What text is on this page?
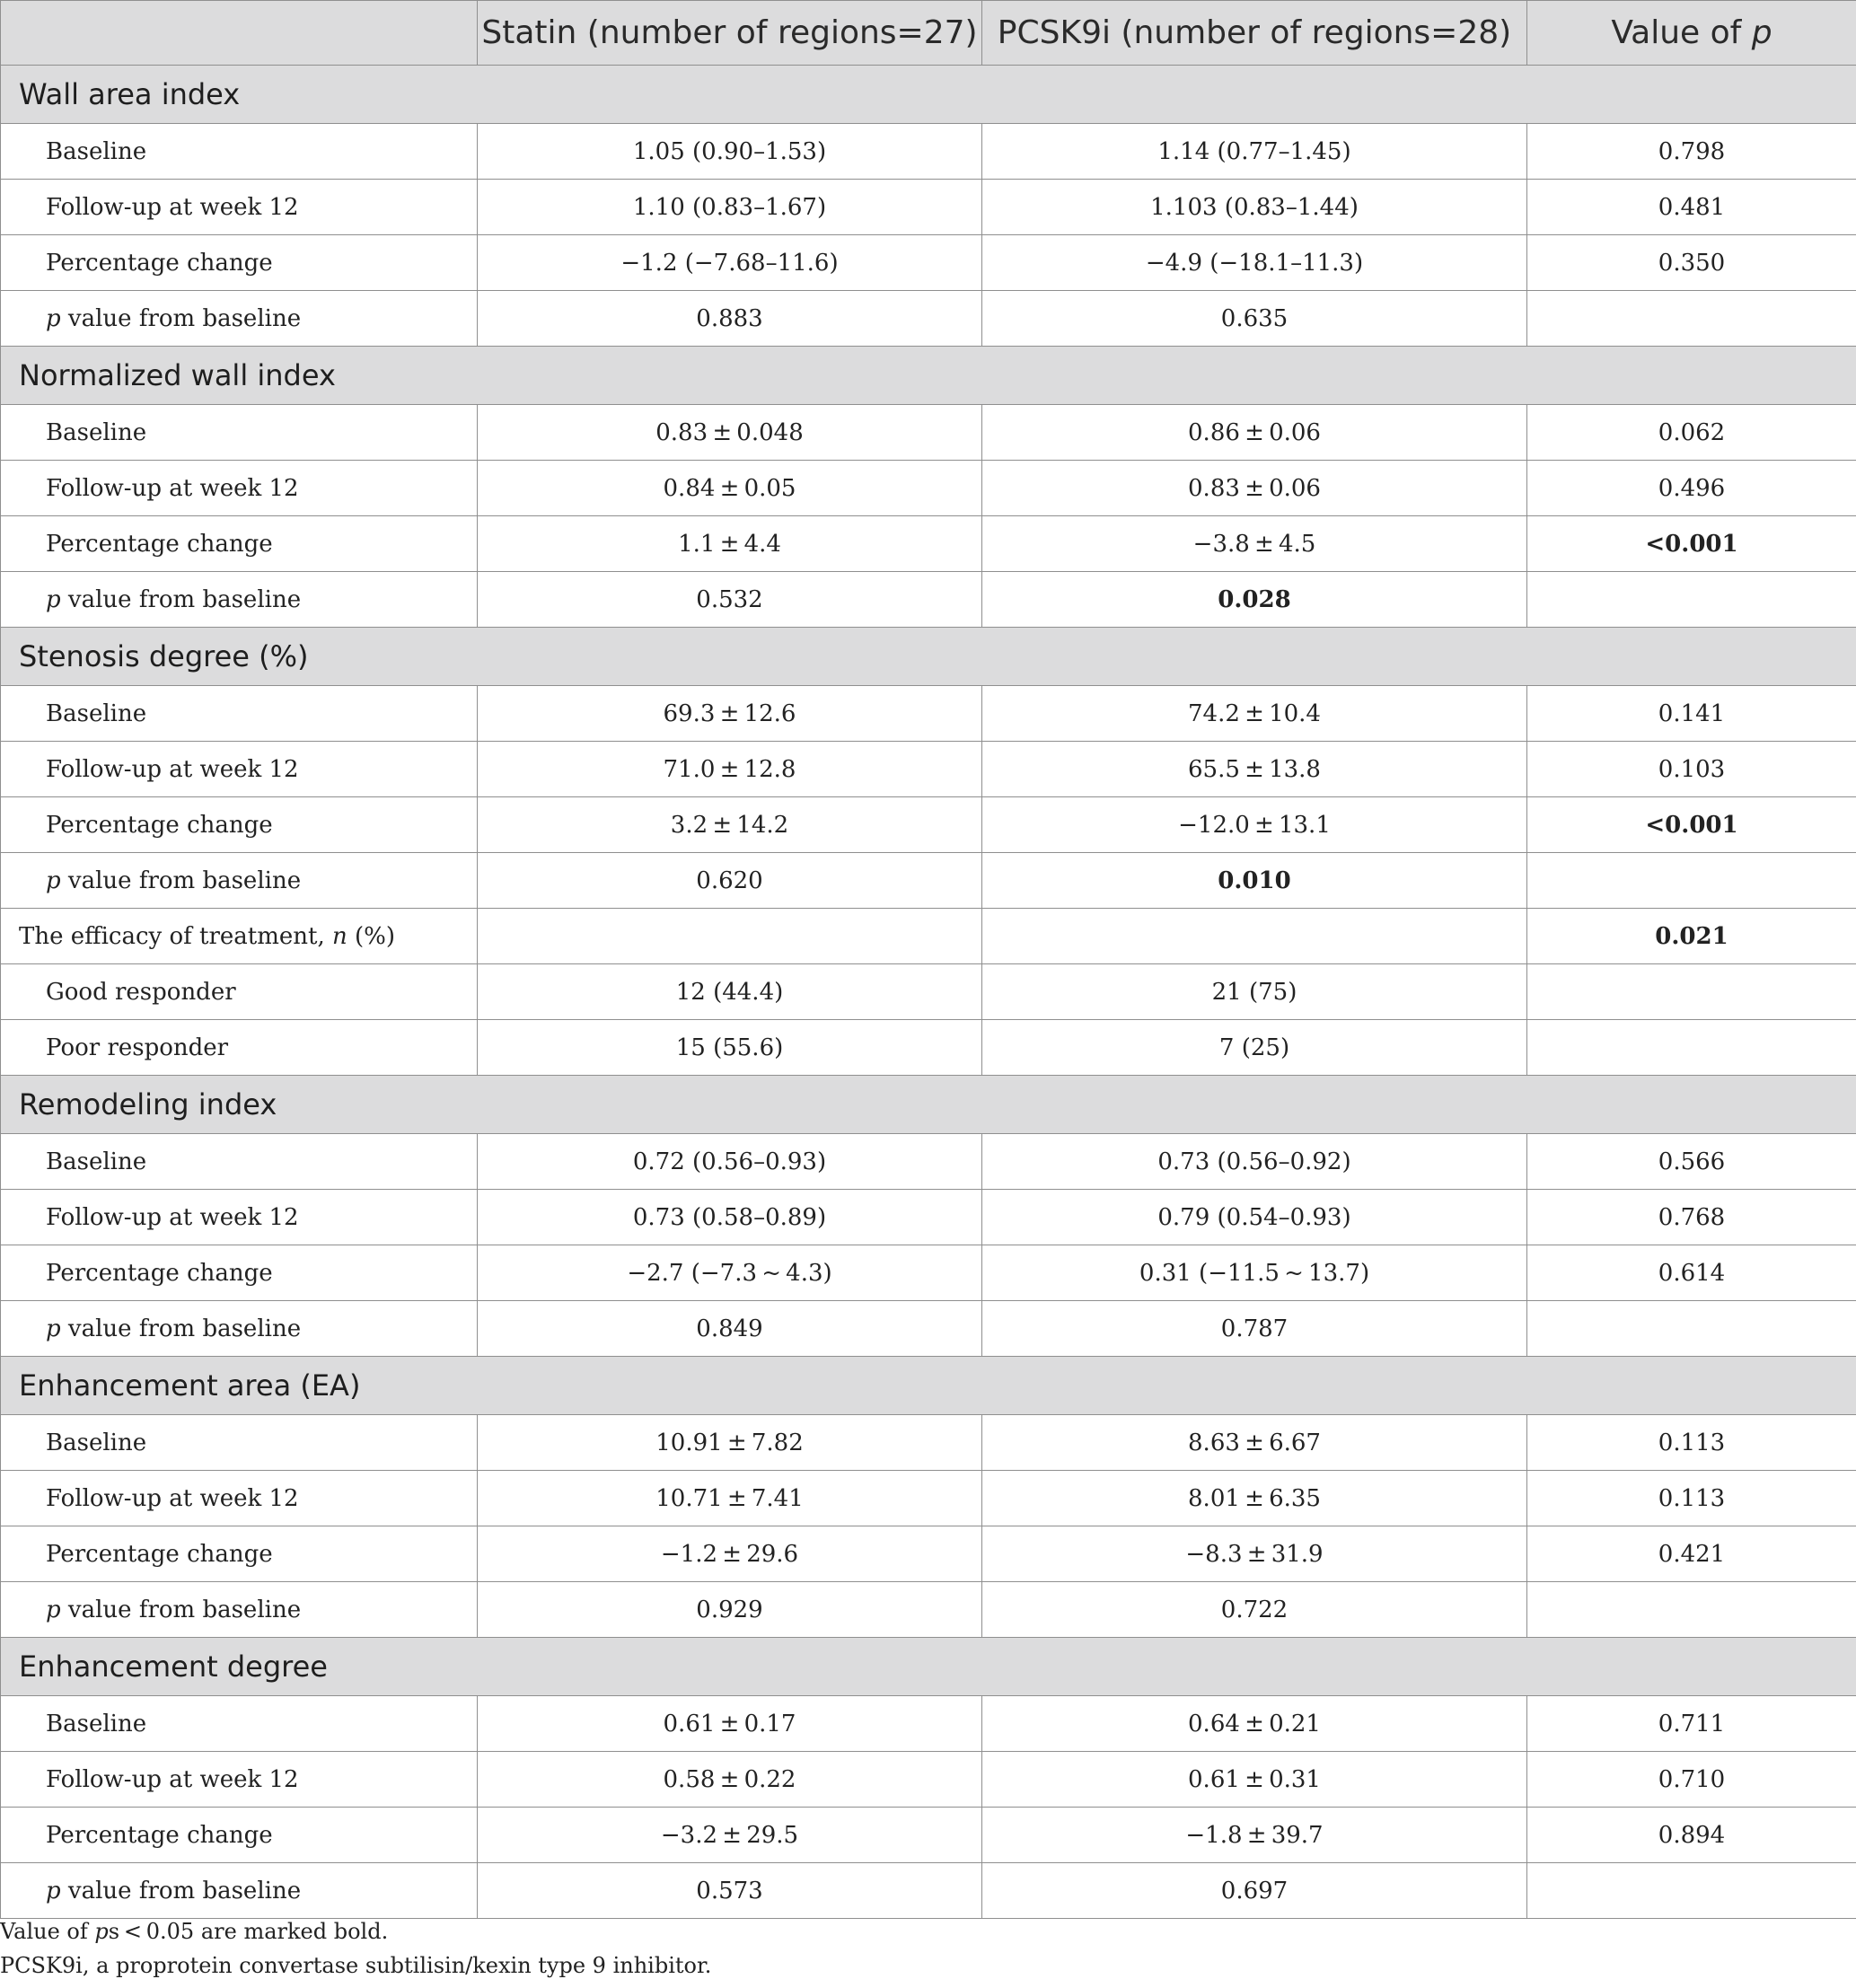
	Statin (number of regions=27)	PCSK9i (number of regions=28)	Value of p
Wall area index			
Baseline	1.05 (0.90–1.53)	1.14 (0.77–1.45)	0.798
Follow-up at week 12	1.10 (0.83–1.67)	1.103 (0.83–1.44)	0.481
Percentage change	−1.2 (−7.68–11.6)	−4.9 (−18.1–11.3)	0.350
p value from baseline	0.883	0.635	
Normalized wall index			
Baseline	0.83 ± 0.048	0.86 ± 0.06	0.062
Follow-up at week 12	0.84 ± 0.05	0.83 ± 0.06	0.496
Percentage change	1.1 ± 4.4	−3.8 ± 4.5	<0.001
p value from baseline	0.532	0.028	
Stenosis degree (%)			
Baseline	69.3 ± 12.6	74.2 ± 10.4	0.141
Follow-up at week 12	71.0 ± 12.8	65.5 ± 13.8	0.103
Percentage change	3.2 ± 14.2	−12.0 ± 13.1	<0.001
p value from baseline	0.620	0.010	
The efficacy of treatment, n (%)			0.021
Good responder	12 (44.4)	21 (75)	
Poor responder	15 (55.6)	7 (25)	
Remodeling index			
Baseline	0.72 (0.56–0.93)	0.73 (0.56–0.92)	0.566
Follow-up at week 12	0.73 (0.58–0.89)	0.79 (0.54–0.93)	0.768
Percentage change	−2.7 (−7.3 ~ 4.3)	0.31 (−11.5 ~ 13.7)	0.614
p value from baseline	0.849	0.787	
Enhancement area (EA)			
Baseline	10.91 ± 7.82	8.63 ± 6.67	0.113
Follow-up at week 12	10.71 ± 7.41	8.01 ± 6.35	0.113
Percentage change	−1.2 ± 29.6	−8.3 ± 31.9	0.421
p value from baseline	0.929	0.722	
Enhancement degree			
Baseline	0.61 ± 0.17	0.64 ± 0.21	0.711
Follow-up at week 12	0.58 ± 0.22	0.61 ± 0.31	0.710
Percentage change	−3.2 ± 29.5	−1.8 ± 39.7	0.894
p value from baseline	0.573	0.697	
Value of ps < 0.05 are marked bold.
PCSK9i, a proprotein convertase subtilisin/kexin type 9 inhibitor.
